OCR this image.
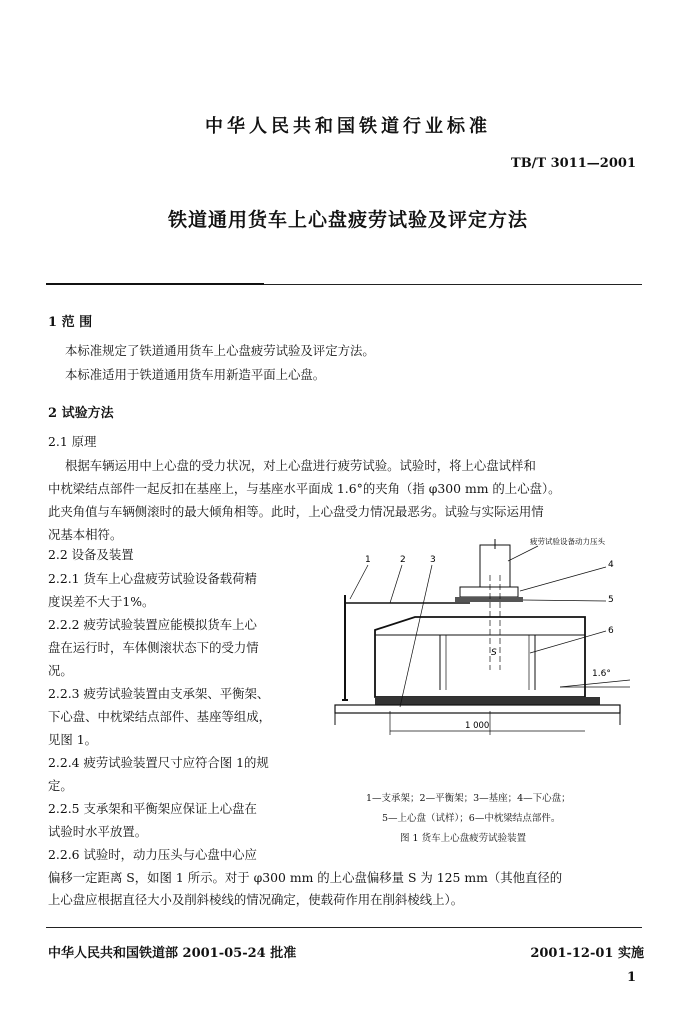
中华人民共和国铁道行业标准
TB/T 3011—2001
铁道通用货车上心盘疲劳试验及评定方法
1 范 围
本标准规定了铁道通用货车上心盘疲劳试验及评定方法。
本标准适用于铁道通用货车用新造平面上心盘。
2 试验方法
2.1 原理
根据车辆运用中上心盘的受力状况，对上心盘进行疲劳试验。试验时，将上心盘试样和
中枕梁结点部件一起反扣在基座上，与基座水平面成 1.6°的夹角（指 φ300 mm 的上心盘）。
此夹角值与车辆侧滚时的最大倾角相等。此时，上心盘受力情况最恶劣。试验与实际运用情
况基本相符。
2.2 设备及装置
2.2.1 货车上心盘疲劳试验设备载荷精
度误差不大于1%。
2.2.2 疲劳试验装置应能模拟货车上心
盘在运行时，车体侧滚状态下的受力情
况。
2.2.3 疲劳试验装置由支承架、平衡架、
下心盘、中枕梁结点部件、基座等组成，
见图 1。
2.2.4 疲劳试验装置尺寸应符合图 1的规
定。
2.2.5 支承架和平衡架应保证上心盘在
试验时水平放置。
2.2.6 试验时，动力压头与心盘中心应
偏移一定距离 S，如图 1 所示。对于 φ300 mm 的上心盘偏移量 S 为 125 mm（其他直径的
上心盘应根据直径大小及削斜棱线的情况确定，使载荷作用在削斜棱线上）。
疲劳试验设备动力压头
S
1.6°
1 000
1	2	3	4
5
6
1—支承架；2—平衡架；3—基座；4—下心盘；
5—上心盘（试样）；6—中枕梁结点部件。
图 1 货车上心盘疲劳试验装置
中华人民共和国铁道部 2001-05-24 批准	2001-12-01 实施
1
